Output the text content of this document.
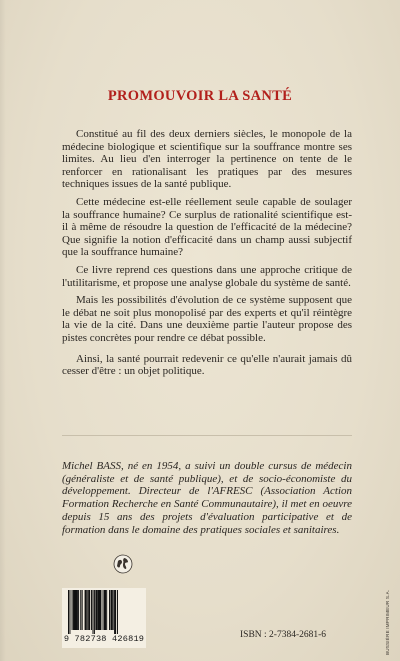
PROMOUVOIR LA SANTÉ

Constitué au fil des deux derniers siècles, le monopole de la médecine biologique et scientifique sur la souffrance montre ses limites. Au lieu d'en interroger la pertinence on tente de le renforcer en rationalisant les pratiques par des mesures techniques issues de la santé publique.

Cette médecine est-elle réellement seule capable de soulager la souffrance humaine? Ce surplus de rationalité scientifique est-il à même de résoudre la question de l'efficacité de la médecine? Que signifie la notion d'efficacité dans un champ aussi subjectif que la souffrance humaine?

Ce livre reprend ces questions dans une approche critique de l'utilitarisme, et propose une analyse globale du système de santé.

Mais les possibilités d'évolution de ce système supposent que le débat ne soit plus monopolisé par des experts et qu'il réintègre la vie de la cité. Dans une deuxième partie l'auteur propose des pistes concrètes pour rendre ce débat possible.

Ainsi, la santé pourrait redevenir ce qu'elle n'aurait jamais dû cesser d'être : un objet politique.

Michel BASS, né en 1954, a suivi un double cursus de médecin (généraliste et de santé publique), et de socio-économiste du développement. Directeur de l'AFRESC (Association Action Formation Recherche en Santé Communautaire), il met en oeuvre depuis 15 ans des projets d'évaluation participative et de formation dans le domaine des pratiques sociales et sanitaires.

9 782738 426819	ISBN : 2-7384-2681-6	BUSSIÈRE IMPRIMEUR S.A.
